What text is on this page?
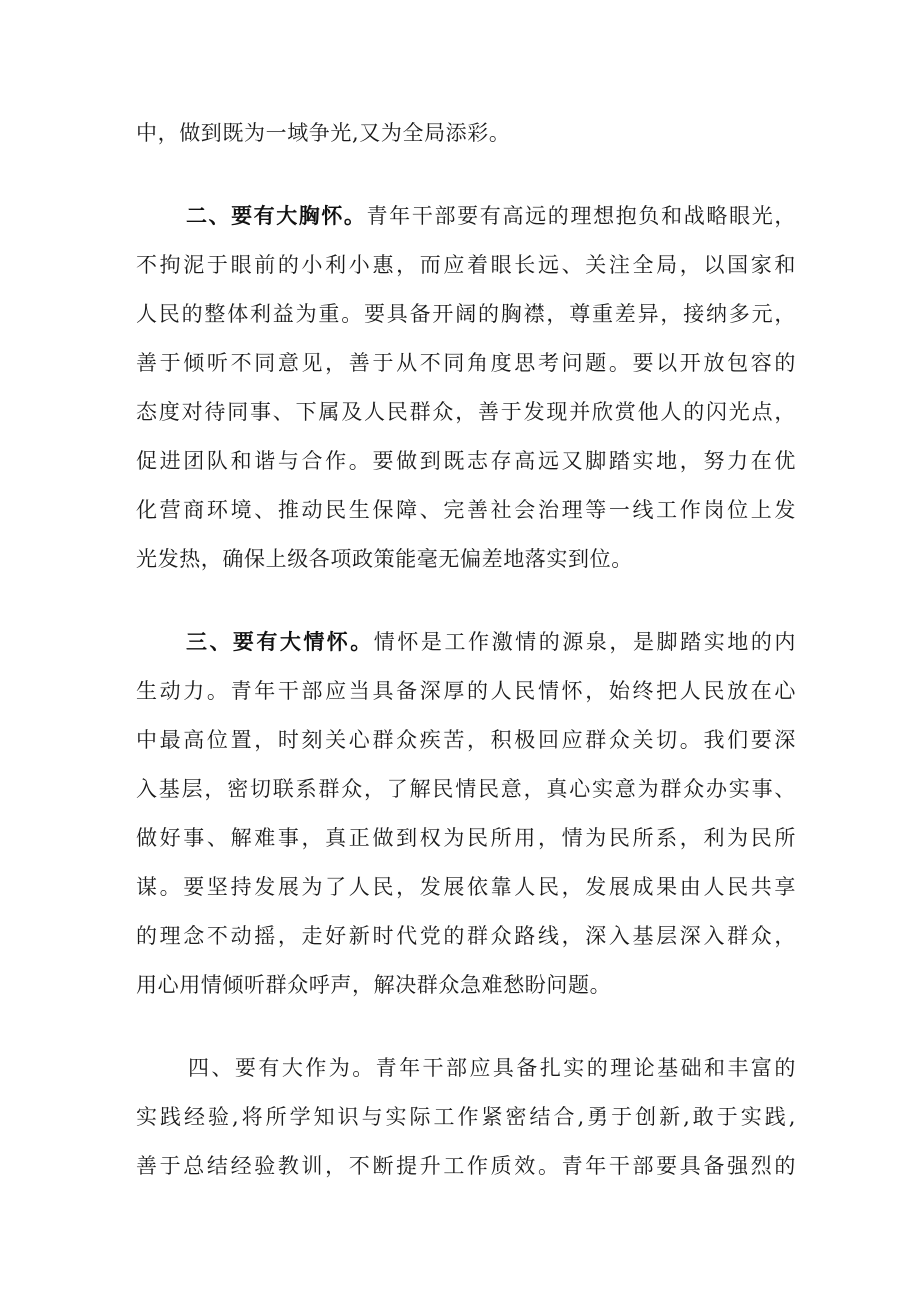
中，做到既为一域争光,又为全局添彩。
二、要有大胸怀。青年干部要有高远的理想抱负和战略眼光，
不拘泥于眼前的小利小惠，而应着眼长远、关注全局，以国家和
人民的整体利益为重。要具备开阔的胸襟，尊重差异，接纳多元，
善于倾听不同意见，善于从不同角度思考问题。要以开放包容的
态度对待同事、下属及人民群众，善于发现并欣赏他人的闪光点，
促进团队和谐与合作。要做到既志存高远又脚踏实地，努力在优
化营商环境、推动民生保障、完善社会治理等一线工作岗位上发
光发热，确保上级各项政策能毫无偏差地落实到位。
三、要有大情怀。情怀是工作激情的源泉，是脚踏实地的内
生动力。青年干部应当具备深厚的人民情怀，始终把人民放在心
中最高位置，时刻关心群众疾苦，积极回应群众关切。我们要深
入基层，密切联系群众，了解民情民意，真心实意为群众办实事、
做好事、解难事，真正做到权为民所用，情为民所系，利为民所
谋。要坚持发展为了人民，发展依靠人民，发展成果由人民共享
的理念不动摇，走好新时代党的群众路线，深入基层深入群众，
用心用情倾听群众呼声，解决群众急难愁盼问题。
四、要有大作为。青年干部应具备扎实的理论基础和丰富的
实践经验,将所学知识与实际工作紧密结合,勇于创新,敢于实践,
善于总结经验教训，不断提升工作质效。青年干部要具备强烈的
